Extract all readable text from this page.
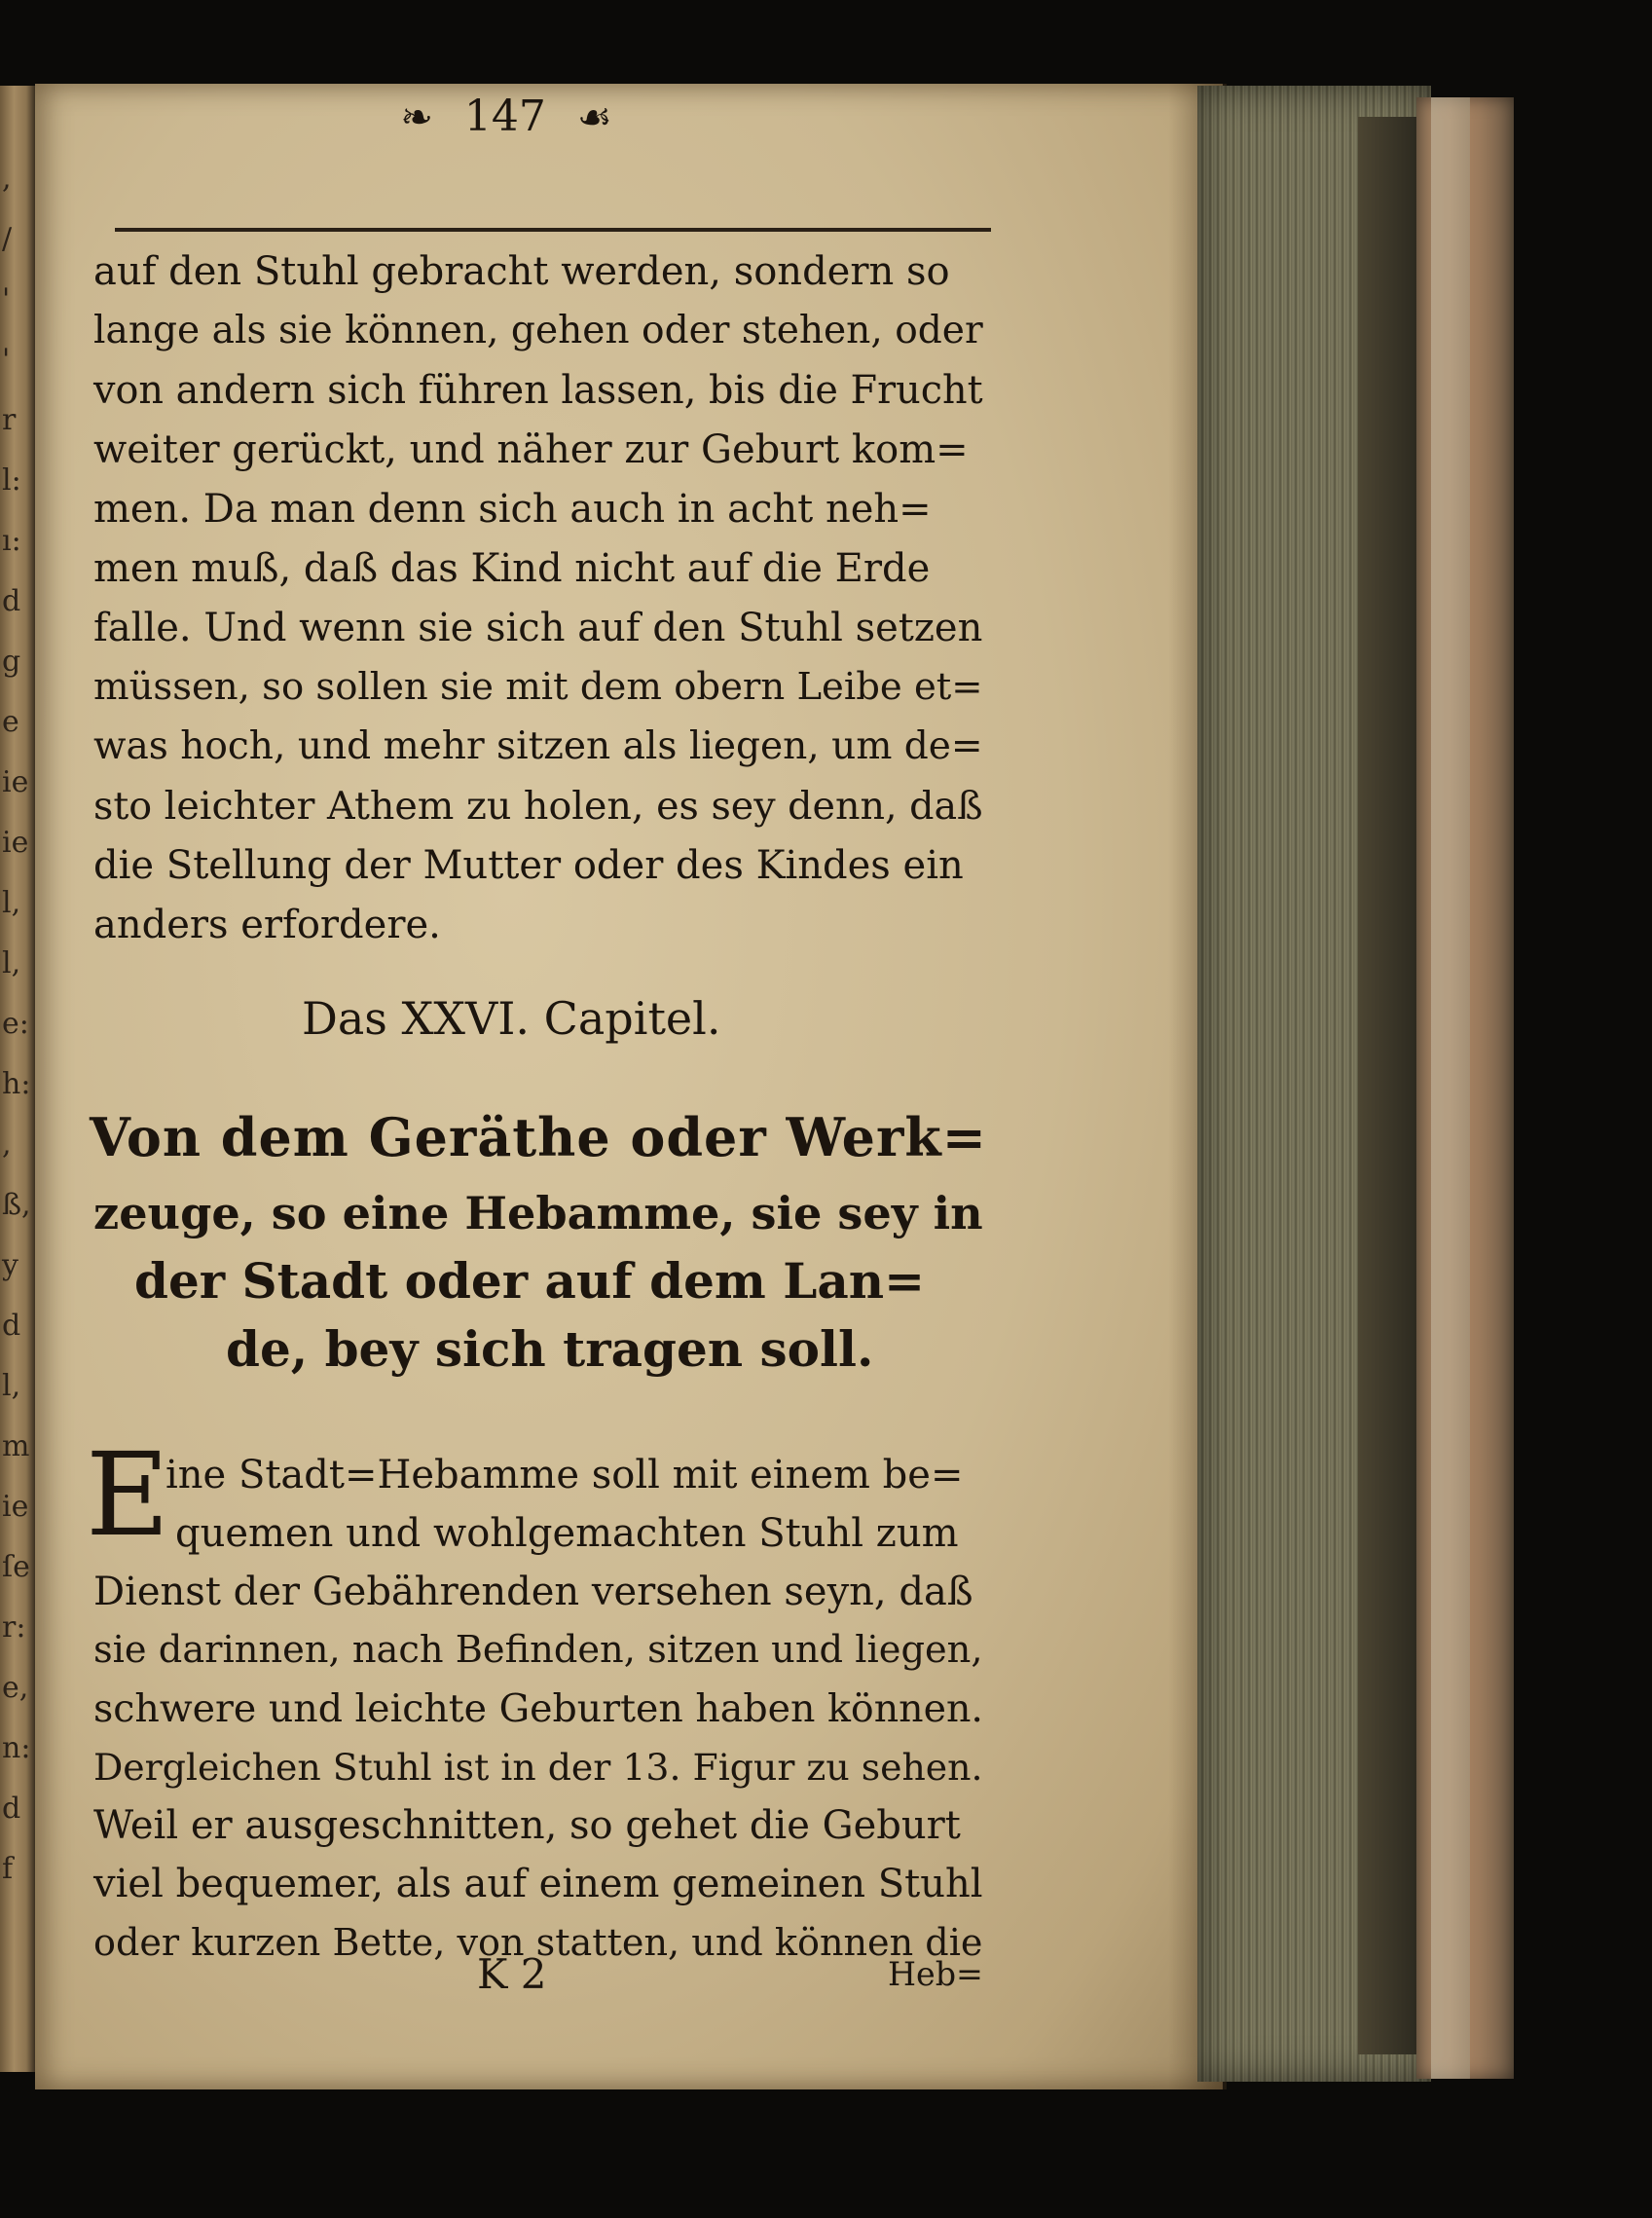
,
/
'
'
r
l:
ı:
d
g
e
ie
ie
l,
l,
e:
h:
,
ß,
y
d
l,
m
ie
ſe
r:
e,
n:
d
f
❧ 147 ☙
auf den Stuhl gebracht werden, sondern so
lange als sie können, gehen oder stehen, oder
von andern sich führen lassen, bis die Frucht
weiter gerückt, und näher zur Geburt kom=
men. Da man denn sich auch in acht neh=
men muß, daß das Kind nicht auf die Erde
falle. Und wenn sie sich auf den Stuhl setzen
müssen, so sollen sie mit dem obern Leibe et=
was hoch, und mehr sitzen als liegen, um de=
sto leichter Athem zu holen, es sey denn, daß
die Stellung der Mutter oder des Kindes ein
anders erfordere.
Das XXVI. Capitel.
Von dem Geräthe oder Werk=
zeuge, so eine Hebamme, sie sey in
der Stadt oder auf dem Lan=
de, bey sich tragen soll.
E
ine Stadt=Hebamme soll mit einem be=
quemen und wohlgemachten Stuhl zum
Dienst der Gebährenden versehen seyn, daß
sie darinnen, nach Befinden, sitzen und liegen,
schwere und leichte Geburten haben können.
Dergleichen Stuhl ist in der 13. Figur zu sehen.
Weil er ausgeschnitten, so gehet die Geburt
viel bequemer, als auf einem gemeinen Stuhl
oder kurzen Bette, von statten, und können die
K 2	Heb=
